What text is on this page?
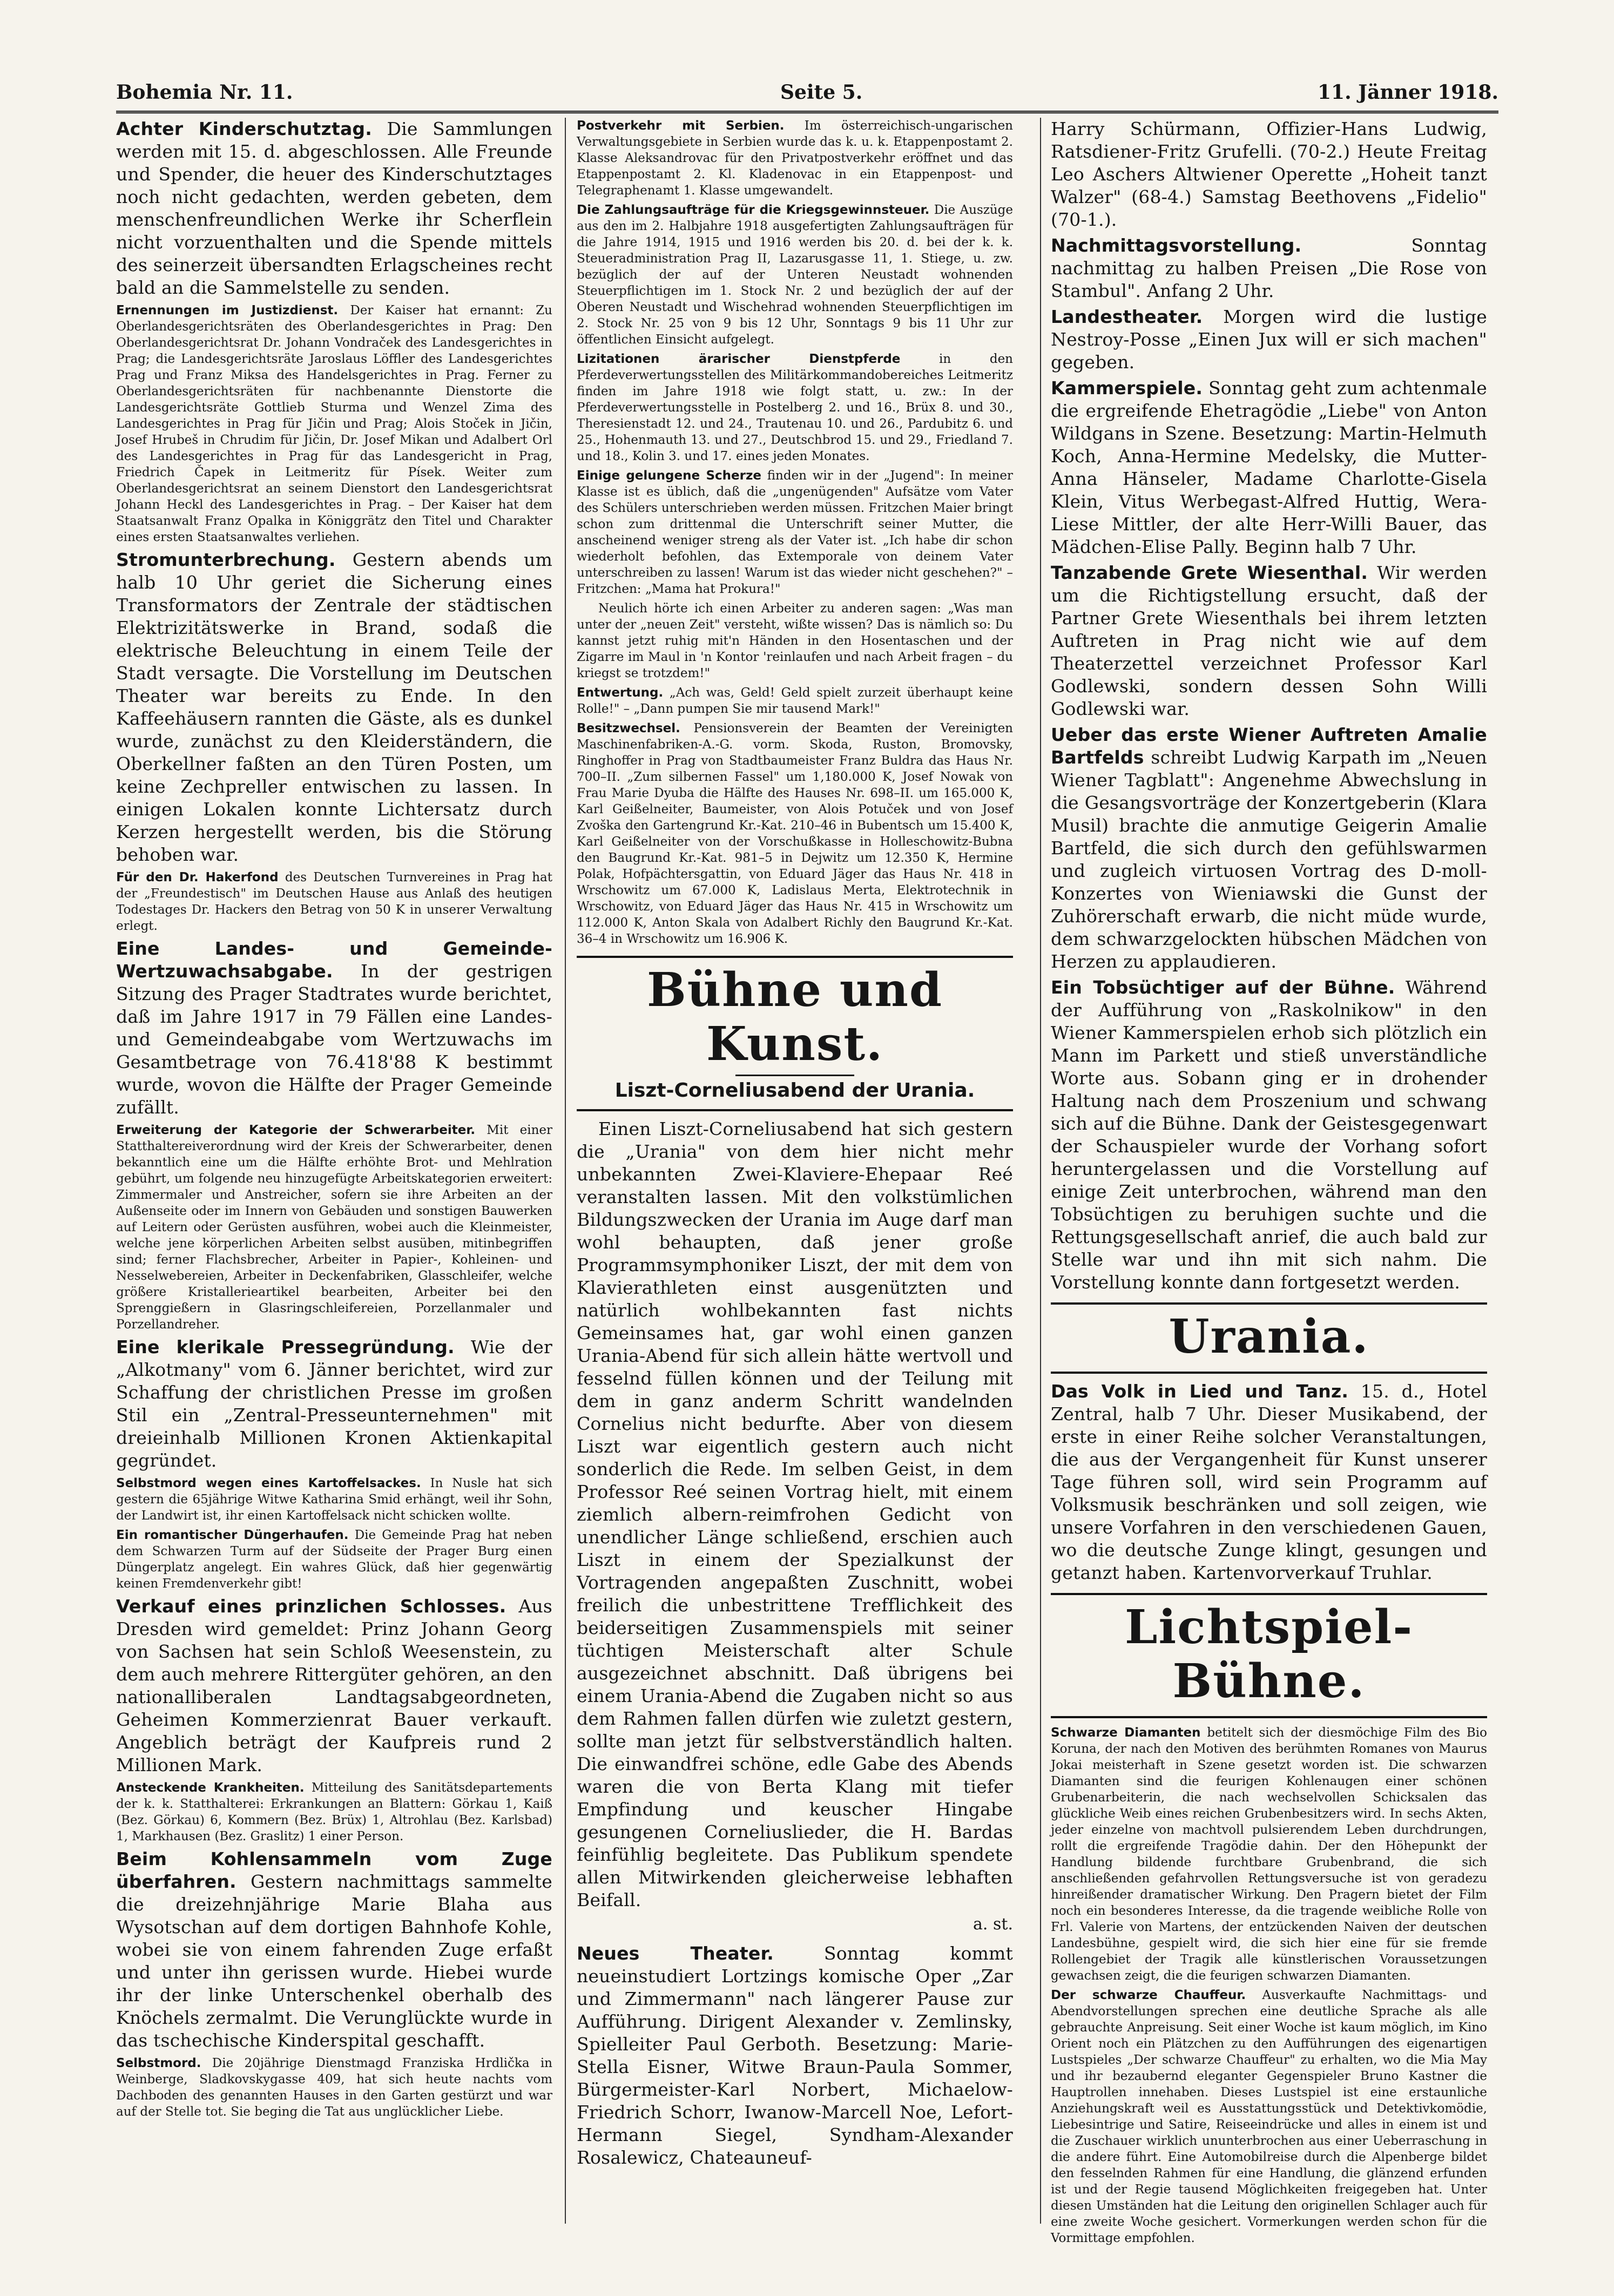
Bohemia Nr. 11.	Seite 5.	11. Jänner 1918.

Achter Kinderschutztag. Die Sammlungen werden mit 15. d. abgeschlossen. Alle Freunde und Spender, die heuer des Kinderschutztages noch nicht gedachten, werden gebeten, dem menschenfreundlichen Werke ihr Scherflein nicht vorzuenthalten und die Spende mittels des seinerzeit übersandten Erlagscheines recht bald an die Sammelstelle zu senden.

Ernennungen im Justizdienst. Der Kaiser hat ernannt: Zu Oberlandesgerichtsräten des Oberlandesgerichtes in Prag: Den Oberlandesgerichtsrat Dr. Johann Vondraček des Landesgerichtes in Prag; die Landesgerichtsräte Jaroslaus Löffler des Landesgerichtes Prag und Franz Miksa des Handelsgerichtes in Prag. Ferner zu Oberlandesgerichtsräten für nachbenannte Dienstorte die Landesgerichtsräte Gottlieb Sturma und Wenzel Zima des Landesgerichtes in Prag für Jičin und Prag; Alois Stoček in Jičin, Josef Hrubeš in Chrudim für Jičin, Dr. Josef Mikan und Adalbert Orl des Landesgerichtes in Prag für das Landesgericht in Prag, Friedrich Čapek in Leitmeritz für Písek. Weiter zum Oberlandesgerichtsrat an seinem Dienstort den Landesgerichtsrat Johann Heckl des Landesgerichtes in Prag. – Der Kaiser hat dem Staatsanwalt Franz Opalka in Königgrätz den Titel und Charakter eines ersten Staatsanwaltes verliehen.

Stromunterbrechung. Gestern abends um halb 10 Uhr geriet die Sicherung eines Transformators der Zentrale der städtischen Elektrizitätswerke in Brand, sodaß die elektrische Beleuchtung in einem Teile der Stadt versagte. Die Vorstellung im Deutschen Theater war bereits zu Ende. In den Kaffeehäusern rannten die Gäste, als es dunkel wurde, zunächst zu den Kleiderständern, die Oberkellner faßten an den Türen Posten, um keine Zechpreller entwischen zu lassen. In einigen Lokalen konnte Lichtersatz durch Kerzen hergestellt werden, bis die Störung behoben war.

Für den Dr. Hakerfond des Deutschen Turnvereines in Prag hat der „Freundestisch" im Deutschen Hause aus Anlaß des heutigen Todestages Dr. Hackers den Betrag von 50 K in unserer Verwaltung erlegt.

Eine Landes- und Gemeinde-Wertzuwachsabgabe. In der gestrigen Sitzung des Prager Stadtrates wurde berichtet, daß im Jahre 1917 in 79 Fällen eine Landes- und Gemeindeabgabe vom Wertzuwachs im Gesamtbetrage von 76.418'88 K bestimmt wurde, wovon die Hälfte der Prager Gemeinde zufällt.

Erweiterung der Kategorie der Schwerarbeiter. Mit einer Statthaltereiverordnung wird der Kreis der Schwerarbeiter, denen bekanntlich eine um die Hälfte erhöhte Brot- und Mehlration gebührt, um folgende neu hinzugefügte Arbeitskategorien erweitert: Zimmermaler und Anstreicher, sofern sie ihre Arbeiten an der Außenseite oder im Innern von Gebäuden und sonstigen Bauwerken auf Leitern oder Gerüsten ausführen, wobei auch die Kleinmeister, welche jene körperlichen Arbeiten selbst ausüben, mitinbegriffen sind; ferner Flachsbrecher, Arbeiter in Papier-, Kohleinen- und Nesselwebereien, Arbeiter in Deckenfabriken, Glasschleifer, welche größere Kristallerieartikel bearbeiten, Arbeiter bei den Sprenggießern in Glasringschleifereien, Porzellanmaler und Porzellandreher.

Eine klerikale Pressegründung. Wie der „Alkotmany" vom 6. Jänner berichtet, wird zur Schaffung der christlichen Presse im großen Stil ein „Zentral-Presseunternehmen" mit dreieinhalb Millionen Kronen Aktienkapital gegründet.

Selbstmord wegen eines Kartoffelsackes. In Nusle hat sich gestern die 65jährige Witwe Katharina Smid erhängt, weil ihr Sohn, der Landwirt ist, ihr einen Kartoffelsack nicht schicken wollte.

Ein romantischer Düngerhaufen. Die Gemeinde Prag hat neben dem Schwarzen Turm auf der Südseite der Prager Burg einen Düngerplatz angelegt. Ein wahres Glück, daß hier gegenwärtig keinen Fremdenverkehr gibt!

Verkauf eines prinzlichen Schlosses. Aus Dresden wird gemeldet: Prinz Johann Georg von Sachsen hat sein Schloß Weesenstein, zu dem auch mehrere Rittergüter gehören, an den nationalliberalen Landtagsabgeordneten, Geheimen Kommerzienrat Bauer verkauft. Angeblich beträgt der Kaufpreis rund 2 Millionen Mark.

Ansteckende Krankheiten. Mitteilung des Sanitätsdepartements der k. k. Statthalterei: Erkrankungen an Blattern: Görkau 1, Kaiß (Bez. Görkau) 6, Kommern (Bez. Brüx) 1, Altrohlau (Bez. Karlsbad) 1, Markhausen (Bez. Graslitz) 1 einer Person.

Beim Kohlensammeln vom Zuge überfahren. Gestern nachmittags sammelte die dreizehnjährige Marie Blaha aus Wysotschan auf dem dortigen Bahnhofe Kohle, wobei sie von einem fahrenden Zuge erfaßt und unter ihn gerissen wurde. Hiebei wurde ihr der linke Unterschenkel oberhalb des Knöchels zermalmt. Die Verunglückte wurde in das tschechische Kinderspital geschafft.

Selbstmord. Die 20jährige Dienstmagd Franziska Hrdlička in Weinberge, Sladkovskygasse 409, hat sich heute nachts vom Dachboden des genannten Hauses in den Garten gestürzt und war auf der Stelle tot. Sie beging die Tat aus unglücklicher Liebe.

Postverkehr mit Serbien. Im österreichisch-ungarischen Verwaltungsgebiete in Serbien wurde das k. u. k. Etappenpostamt 2. Klasse Aleksandrovac für den Privatpostverkehr eröffnet und das Etappenpostamt 2. Kl. Kladenovac in ein Etappenpost- und Telegraphenamt 1. Klasse umgewandelt.

Die Zahlungsaufträge für die Kriegsgewinnsteuer. Die Auszüge aus den im 2. Halbjahre 1918 ausgefertigten Zahlungsaufträgen für die Jahre 1914, 1915 und 1916 werden bis 20. d. bei der k. k. Steueradministration Prag II, Lazarusgasse 11, 1. Stiege, u. zw. bezüglich der auf der Unteren Neustadt wohnenden Steuerpflichtigen im 1. Stock Nr. 2 und bezüglich der auf der Oberen Neustadt und Wischehrad wohnenden Steuerpflichtigen im 2. Stock Nr. 25 von 9 bis 12 Uhr, Sonntags 9 bis 11 Uhr zur öffentlichen Einsicht aufgelegt.

Lizitationen ärarischer Dienstpferde	in den Pferdeverwertungsstellen des Militärkommandobereiches Leitmeritz finden im Jahre 1918 wie folgt statt, u. zw.: In der Pferdeverwertungsstelle in Postelberg 2. und 16., Brüx 8. und 30., Theresienstadt 12. und 24., Trautenau 10. und 26., Pardubitz 6. und 25., Hohenmauth 13. und 27., Deutschbrod 15. und 29., Friedland 7. und 18., Kolin 3. und 17. eines jeden Monates.

Einige gelungene Scherze finden wir in der „Jugend": In meiner Klasse ist es üblich, daß die „ungenügenden" Aufsätze vom Vater des Schülers unterschrieben werden müssen. Fritzchen Maier bringt schon zum drittenmal die Unterschrift seiner Mutter, die anscheinend weniger streng als der Vater ist. „Ich habe dir schon wiederholt befohlen, das Extemporale von deinem Vater unterschreiben zu lassen! Warum ist das wieder nicht geschehen?" – Fritzchen: „Mama hat Prokura!"

Neulich hörte ich einen Arbeiter zu anderen sagen: „Was man unter der „neuen Zeit" versteht, wißte wissen? Das is nämlich so: Du kannst jetzt ruhig mit'n Händen in den Hosentaschen und der Zigarre im Maul in 'n Kontor 'reinlaufen und nach Arbeit fragen – du kriegst se trotzdem!"

Entwertung. „Ach was, Geld! Geld spielt zurzeit überhaupt keine Rolle!" – „Dann pumpen Sie mir tausend Mark!"

Besitzwechsel. Pensionsverein der Beamten der Vereinigten Maschinenfabriken-A.-G. vorm. Skoda, Ruston, Bromovsky, Ringhoffer in Prag von Stadtbaumeister Franz Buldra das Haus Nr. 700–II. „Zum silbernen Fassel" um 1,180.000 K, Josef Nowak von Frau Marie Dyuba die Hälfte des Hauses Nr. 698–II. um 165.000 K, Karl Geißelneiter, Baumeister, von Alois Potuček und von Josef Zvoška den Gartengrund Kr.-Kat. 210–46 in Bubentsch um 15.400 K, Karl Geißelneiter von der Vorschußkasse in Holleschowitz-Bubna den Baugrund Kr.-Kat. 981–5 in Dejwitz um 12.350 K, Hermine Polak, Hofpächtersgattin, von Eduard Jäger das Haus Nr. 418 in Wrschowitz um 67.000 K, Ladislaus Merta, Elektrotechnik in Wrschowitz, von Eduard Jäger das Haus Nr. 415 in Wrschowitz um 112.000 K, Anton Skala von Adalbert Richly den Baugrund Kr.-Kat. 36–4 in Wrschowitz um 16.906 K.

Bühne und Kunst.
Liszt-Corneliusabend der Urania.

Einen Liszt-Corneliusabend hat sich gestern die „Urania" von dem hier nicht mehr unbekannten Zwei-Klaviere-Ehepaar Reé veranstalten lassen. Mit den volkstümlichen Bildungszwecken der Urania im Auge darf man wohl behaupten, daß jener große Programmsymphoniker Liszt, der mit dem von Klavierathleten einst ausgenützten und natürlich wohlbekannten fast nichts Gemeinsames hat, gar wohl einen ganzen Urania-Abend für sich allein hätte wertvoll und fesselnd füllen können und der Teilung mit dem in ganz anderm Schritt wandelnden Cornelius nicht bedurfte. Aber von diesem Liszt war eigentlich gestern auch nicht sonderlich die Rede. Im selben Geist, in dem Professor Reé seinen Vortrag hielt, mit einem ziemlich albern-reimfrohen Gedicht von unendlicher Länge schließend, erschien auch Liszt in einem der Spezialkunst der Vortragenden angepaßten Zuschnitt, wobei freilich die unbestrittene Trefflichkeit des beiderseitigen Zusammenspiels mit seiner tüchtigen Meisterschaft alter Schule ausgezeichnet abschnitt. Daß übrigens bei einem Urania-Abend die Zugaben nicht so aus dem Rahmen fallen dürfen wie zuletzt gestern, sollte man jetzt für selbstverständlich halten. Die einwandfrei schöne, edle Gabe des Abends waren die von Berta Klang mit tiefer Empfindung und keuscher Hingabe gesungenen Corneliuslieder, die H. Bardas feinfühlig begleitete. Das Publikum spendete allen Mitwirkenden gleicherweise lebhaften Beifall.

a. st.

Neues Theater.	Sonntag kommt neueinstudiert Lortzings komische Oper „Zar und Zimmermann" nach längerer Pause zur Aufführung. Dirigent Alexander v. Zemlinsky, Spielleiter Paul Gerboth. Besetzung: Marie-Stella Eisner, Witwe Braun-Paula Sommer, Bürgermeister-Karl Norbert, Michaelow-Friedrich Schorr, Iwanow-Marcell Noe, Lefort-Hermann Siegel, Syndham-Alexander Rosalewicz, Chateauneuf-

Harry Schürmann, Offizier-Hans Ludwig, Ratsdiener-Fritz Grufelli. (70-2.) Heute Freitag Leo Aschers Altwiener Operette „Hoheit tanzt Walzer" (68-4.) Samstag Beethovens „Fidelio" (70-1.).

Nachmittagsvorstellung.	Sonntag nachmittag zu halben Preisen „Die Rose von Stambul". Anfang 2 Uhr.

Landestheater. Morgen wird die lustige Nestroy-Posse „Einen Jux will er sich machen" gegeben.

Kammerspiele. Sonntag geht zum achtenmale die ergreifende Ehetragödie „Liebe" von Anton Wildgans in Szene. Besetzung: Martin-Helmuth Koch, Anna-Hermine Medelsky, die Mutter-Anna Hänseler, Madame Charlotte-Gisela Klein, Vitus Werbegast-Alfred Huttig, Wera-Liese Mittler, der alte Herr-Willi Bauer, das Mädchen-Elise Pally. Beginn halb 7 Uhr.

Tanzabende Grete Wiesenthal. Wir werden um die Richtigstellung ersucht, daß der Partner Grete Wiesenthals bei ihrem letzten Auftreten in Prag nicht wie auf dem Theaterzettel verzeichnet Professor Karl Godlewski, sondern dessen Sohn Willi Godlewski war.

Ueber das erste Wiener Auftreten Amalie Bartfelds schreibt Ludwig Karpath im „Neuen Wiener Tagblatt": Angenehme Abwechslung in die Gesangsvorträge der Konzertgeberin (Klara Musil) brachte die anmutige Geigerin Amalie Bartfeld, die sich durch den gefühlswarmen und zugleich virtuosen Vortrag des D-moll-Konzertes von Wieniawski die Gunst der Zuhörerschaft erwarb, die nicht müde wurde, dem schwarzgelockten hübschen Mädchen von Herzen zu applaudieren.

Ein Tobsüchtiger auf der Bühne. Während der Aufführung von „Raskolnikow" in den Wiener Kammerspielen erhob sich plötzlich ein Mann im Parkett und stieß unverständliche Worte aus. Sobann ging er in drohender Haltung nach dem Proszenium und schwang sich auf die Bühne. Dank der Geistesgegenwart der Schauspieler wurde der Vorhang sofort heruntergelassen und die Vorstellung auf einige Zeit unterbrochen, während man den Tobsüchtigen zu beruhigen suchte und die Rettungsgesellschaft anrief, die auch bald zur Stelle war und ihn mit sich nahm. Die Vorstellung konnte dann fortgesetzt werden.

Urania.

Das Volk in Lied und Tanz. 15. d., Hotel Zentral, halb 7 Uhr. Dieser Musikabend, der erste in einer Reihe solcher Veranstaltungen, die aus der Vergangenheit für Kunst unserer Tage führen soll, wird sein Programm auf Volksmusik beschränken und soll zeigen, wie unsere Vorfahren in den verschiedenen Gauen, wo die deutsche Zunge klingt, gesungen und getanzt haben. Kartenvorverkauf Truhlar.

Lichtspiel-Bühne.

Schwarze Diamanten betitelt sich der diesmöchige Film des Bio Koruna, der nach den Motiven des berühmten Romanes von Maurus Jokai meisterhaft in Szene gesetzt worden ist. Die schwarzen Diamanten sind die feurigen Kohlenaugen einer schönen Grubenarbeiterin, die nach wechselvollen Schicksalen das glückliche Weib eines reichen Grubenbesitzers wird. In sechs Akten, jeder einzelne von machtvoll pulsierendem Leben durchdrungen, rollt die ergreifende Tragödie dahin. Der den Höhepunkt der Handlung bildende furchtbare Grubenbrand, die sich anschließenden gefahrvollen Rettungsversuche ist von geradezu hinreißender dramatischer Wirkung. Den Pragern bietet der Film noch ein besonderes Interesse, da die tragende weibliche Rolle von Frl. Valerie von Martens, der entzückenden Naiven der deutschen Landesbühne, gespielt wird, die sich hier eine für sie fremde Rollengebiet der Tragik alle künstlerischen Voraussetzungen gewachsen zeigt, die die feurigen schwarzen Diamanten.

Der schwarze Chauffeur. Ausverkaufte Nachmittags- und Abendvorstellungen sprechen eine deutliche Sprache als alle gebrauchte Anpreisung. Seit einer Woche ist kaum möglich, im Kino Orient noch ein Plätzchen zu den Aufführungen des eigenartigen Lustspieles „Der schwarze Chauffeur" zu erhalten, wo die Mia May und ihr bezaubernd eleganter Gegenspieler Bruno Kastner die Hauptrollen innehaben. Dieses Lustspiel ist eine erstaunliche Anziehungskraft weil es Ausstattungsstück und Detektivkomödie, Liebesintrige und Satire, Reiseeindrücke und alles in einem ist und die Zuschauer wirklich ununterbrochen aus einer Ueberraschung in die andere führt. Eine Automobilreise durch die Alpenberge bildet den fesselnden Rahmen für eine Handlung, die glänzend erfunden ist und der Regie tausend Möglichkeiten freigegeben hat. Unter diesen Umständen hat die Leitung den originellen Schlager auch für eine zweite Woche gesichert. Vormerkungen werden schon für die Vormittage empfohlen.
